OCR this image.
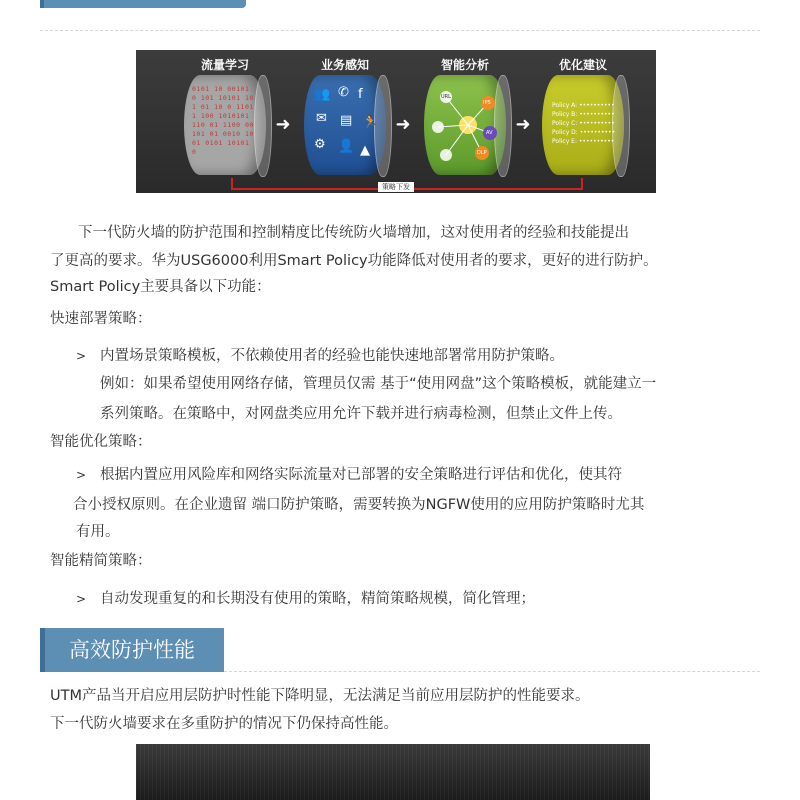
流量学习	业务感知	智能分析	优化建议
0101 10 00101 0 101 10101 101 01 10 0 1101 1 100 1010101 110 01 1100 00101 01 0010 1001 0101 10101 0
➜
👥 ✆ f
✉ ▤ 🏃
⚙ 👤 ▲
➜
IPS
URL
AV
DLP
➜
Policy A: ••••••••••
Policy B: ••••••••••
Policy C: ••••••••••
Policy D: ••••••••••
Policy E: ••••••••••
策略下发
下一代防火墙的防护范围和控制精度比传统防火墙增加，这对使用者的经验和技能提出
了更高的要求。华为USG6000利用Smart Policy功能降低对使用者的要求，更好的进行防护。
Smart Policy主要具备以下功能：
快速部署策略：
> 内置场景策略模板，不依赖使用者的经验也能快速地部署常用防护策略。
例如：如果希望使用网络存储，管理员仅需 基于“使用网盘”这个策略模板，就能建立一
系列策略。在策略中，对网盘类应用允许下载并进行病毒检测，但禁止文件上传。
智能优化策略：
> 根据内置应用风险库和网络实际流量对已部署的安全策略进行评估和优化，使其符
合小授权原则。在企业遗留 端口防护策略，需要转换为NGFW使用的应用防护策略时尤其
有用。
智能精简策略：
> 自动发现重复的和长期没有使用的策略，精简策略规模，简化管理；
高效防护性能
UTM产品当开启应用层防护时性能下降明显，无法满足当前应用层防护的性能要求。
下一代防火墙要求在多重防护的情况下仍保持高性能。
